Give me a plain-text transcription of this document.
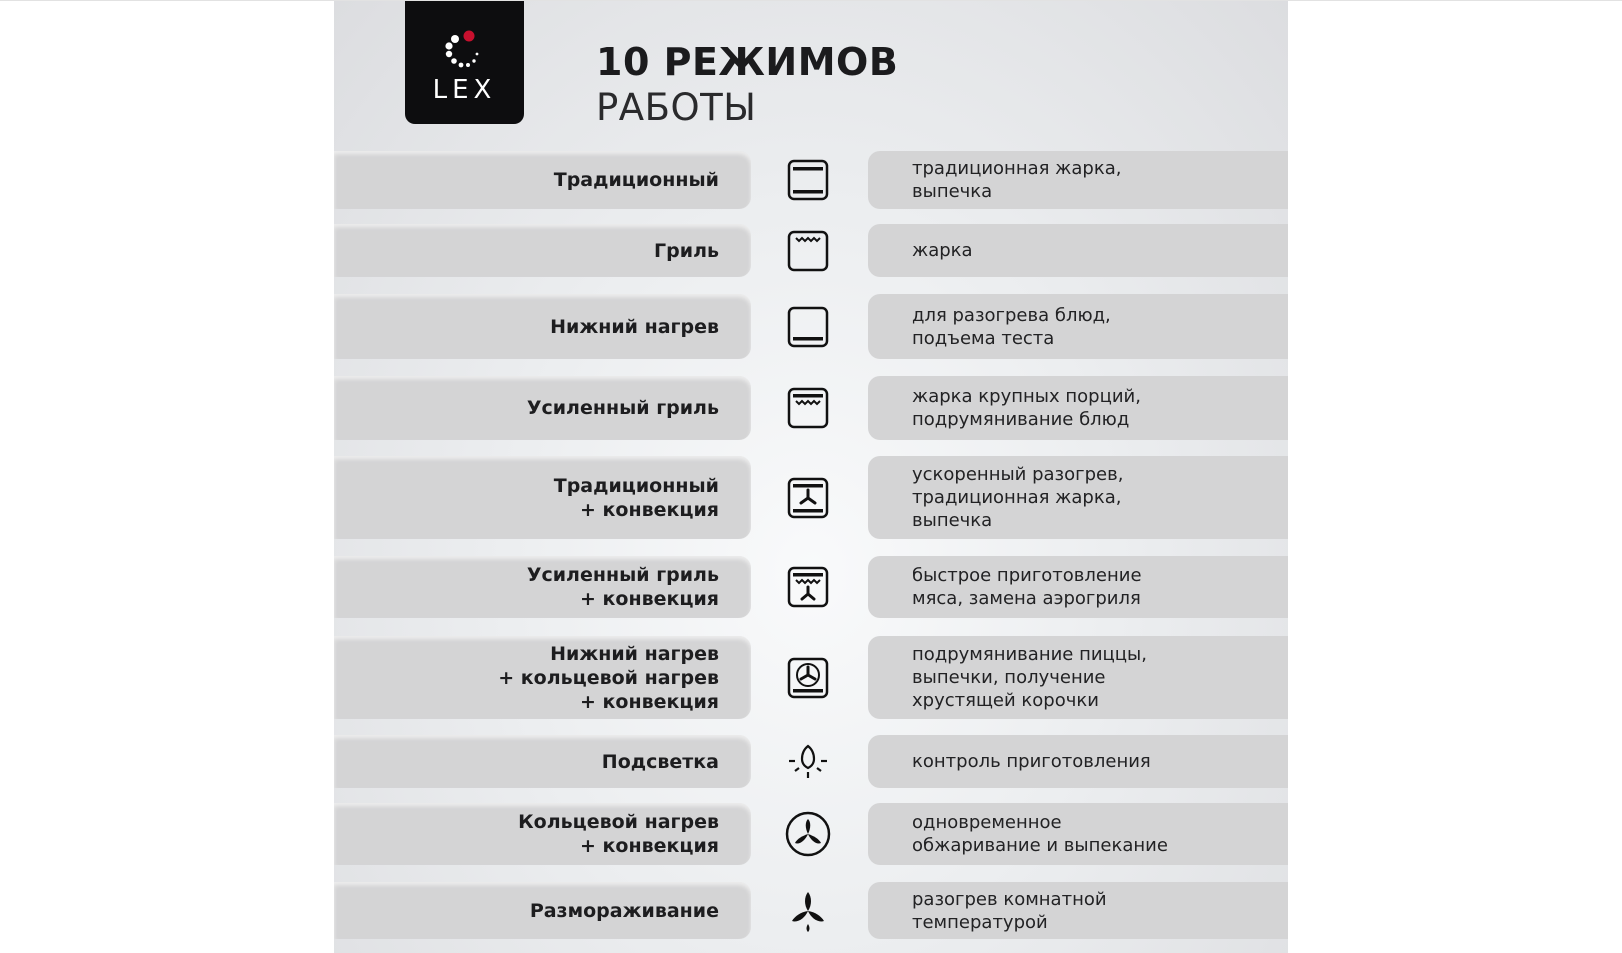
LEX
10 РЕЖИМОВ
РАБОТЫ
Традиционный
традиционная жарка,
выпечка
Гриль	жарка
Нижний нагрев
для разогрева блюд,
подъема теста
Усиленный гриль
жарка крупных порций,
подрумянивание блюд
Традиционный
+ конвекция
ускоренный разогрев,
традиционная жарка,
выпечка
Усиленный гриль
+ конвекция
быстрое приготовление
мяса, замена аэрогриля
Нижний нагрев
+ кольцевой нагрев
+ конвекция
подрумянивание пиццы,
выпечки, получение
хрустящей корочки
Подсветка	контроль приготовления
Кольцевой нагрев
+ конвекция
одновременное
обжаривание и выпекание
Размораживание
разогрев комнатной
температурой
